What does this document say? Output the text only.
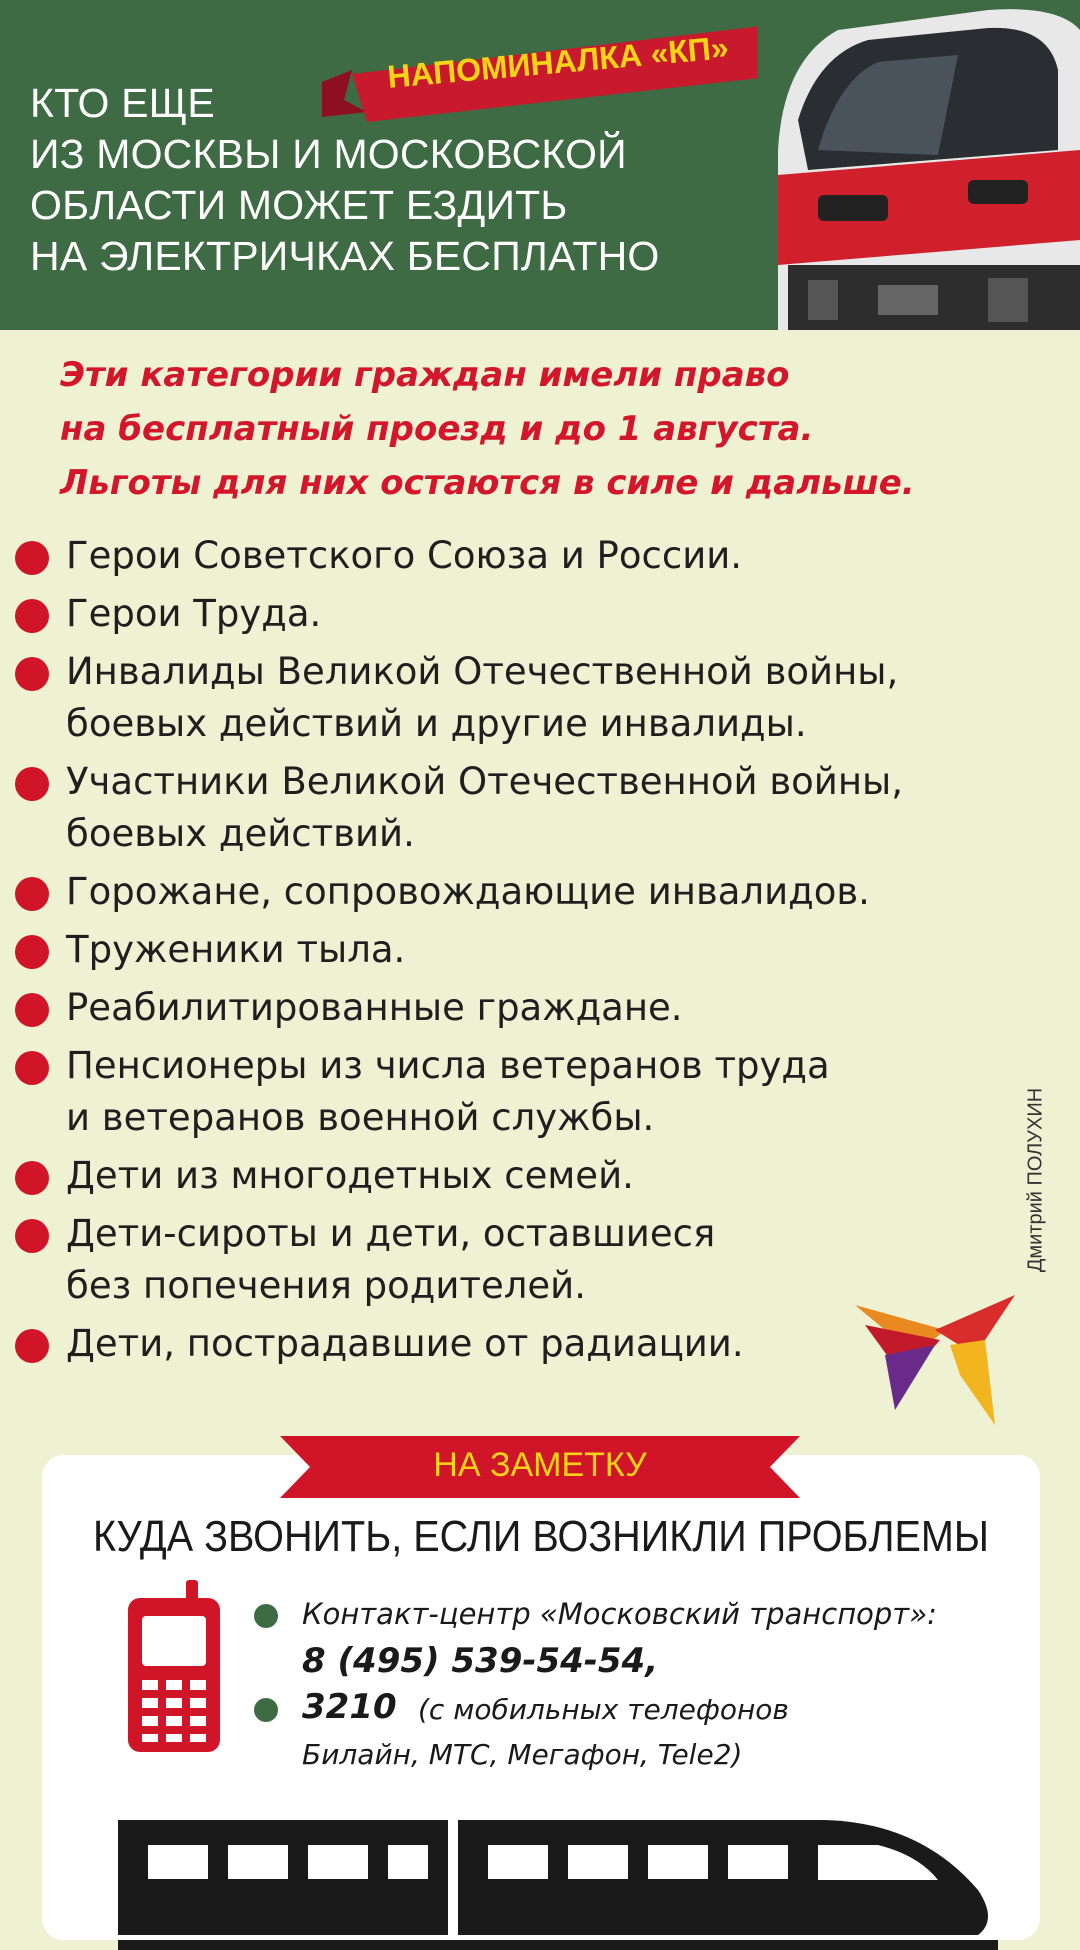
НАПОМИНАЛКА «КП»
КТО ЕЩЕ
ИЗ МОСКВЫ И МОСКОВСКОЙ
ОБЛАСТИ МОЖЕТ ЕЗДИТЬ
НА ЭЛЕКТРИЧКАХ БЕСПЛАТНО
Эти категории граждан имели право
на бесплатный проезд и до 1 августа.
Льготы для них остаются в силе и дальше.
Герои Советского Союза и России.
Герои Труда.
Инвалиды Великой Отечественной войны,
боевых действий и другие инвалиды.
Участники Великой Отечественной войны,
боевых действий.
Горожане, сопровождающие инвалидов.
Труженики тыла.
Реабилитированные граждане.
Пенсионеры из числа ветеранов труда
и ветеранов военной службы.
Дети из многодетных семей.
Дети-сироты и дети, оставшиеся
без попечения родителей.
Дети, пострадавшие от радиации.
Дмитрий ПОЛУХИН
НА ЗАМЕТКУ
КУДА ЗВОНИТЬ, ЕСЛИ ВОЗНИКЛИ ПРОБЛЕМЫ
Контакт-центр «Московский транспорт»:
8 (495) 539-54-54,
3210 (с мобильных телефонов
Билайн, МТС, Мегафон, Tele2)
